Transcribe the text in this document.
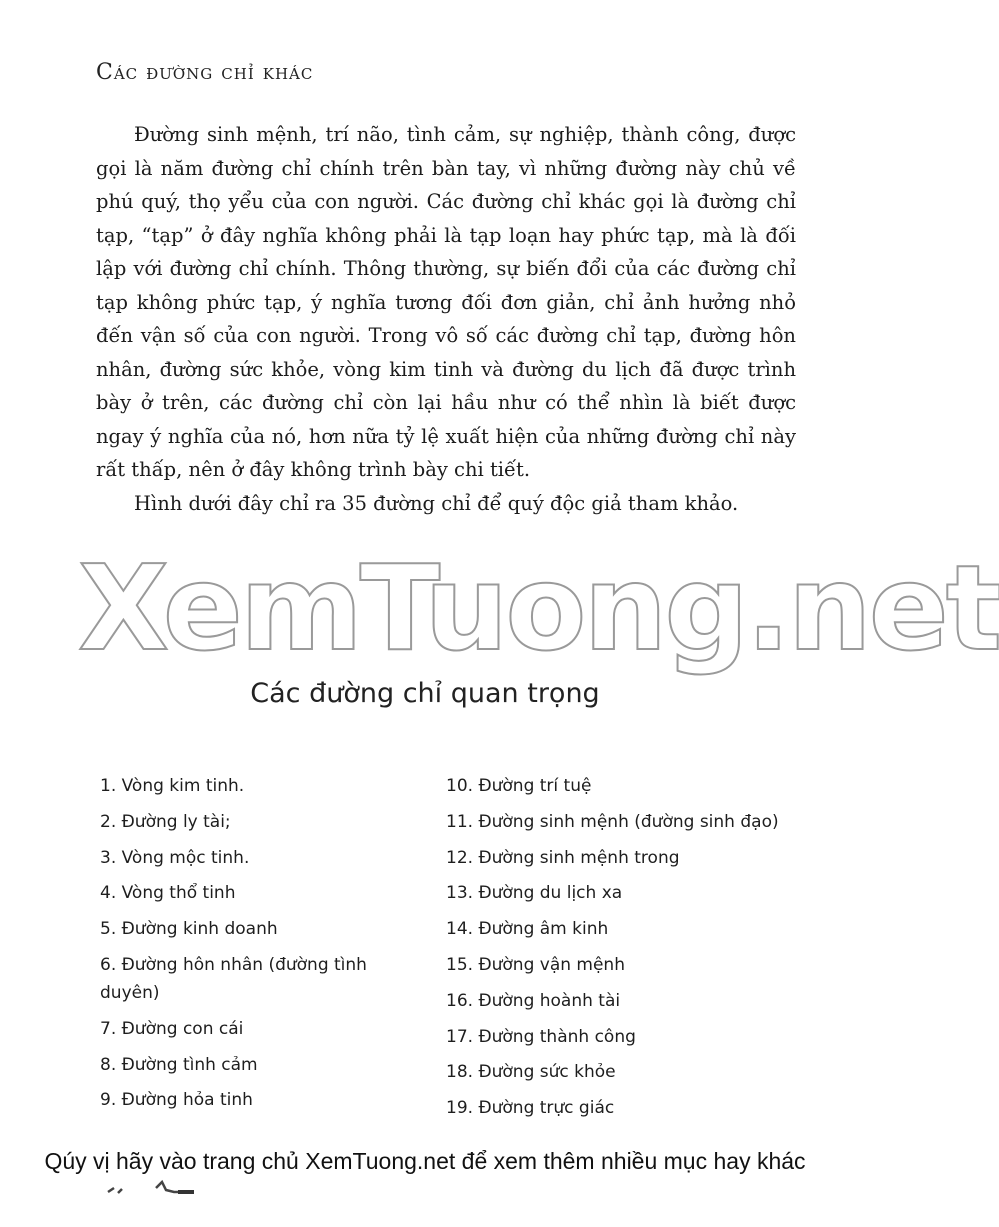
Các đường chỉ khác

Đường sinh mệnh, trí não, tình cảm, sự nghiệp, thành công, được gọi là năm đường chỉ chính trên bàn tay, vì những đường này chủ về phú quý, thọ yểu của con người. Các đường chỉ khác gọi là đường chỉ tạp, “tạp” ở đây nghĩa không phải là tạp loạn hay phức tạp, mà là đối lập với đường chỉ chính. Thông thường, sự biến đổi của các đường chỉ tạp không phức tạp, ý nghĩa tương đối đơn giản, chỉ ảnh hưởng nhỏ đến vận số của con người. Trong vô số các đường chỉ tạp, đường hôn nhân, đường sức khỏe, vòng kim tinh và đường du lịch đã được trình bày ở trên, các đường chỉ còn lại hầu như có thể nhìn là biết được ngay ý nghĩa của nó, hơn nữa tỷ lệ xuất hiện của những đường chỉ này rất thấp, nên ở đây không trình bày chi tiết.

Hình dưới đây chỉ ra 35 đường chỉ để quý độc giả tham khảo.

XemTuong.net
Các đường chỉ quan trọng
1. Vòng kim tinh.
2. Đường ly tài;
3. Vòng mộc tinh.
4. Vòng thổ tinh
5. Đường kinh doanh
6. Đường hôn nhân (đường tình duyên)
7. Đường con cái
8. Đường tình cảm
9. Đường hỏa tinh
10. Đường trí tuệ
11. Đường sinh mệnh (đường sinh đạo)
12. Đường sinh mệnh trong
13. Đường du lịch xa
14. Đường âm kinh
15. Đường vận mệnh
16. Đường hoành tài
17. Đường thành công
18. Đường sức khỏe
19. Đường trực giác
Qúy vị hãy vào trang chủ XemTuong.net để xem thêm nhiều mục hay khác
